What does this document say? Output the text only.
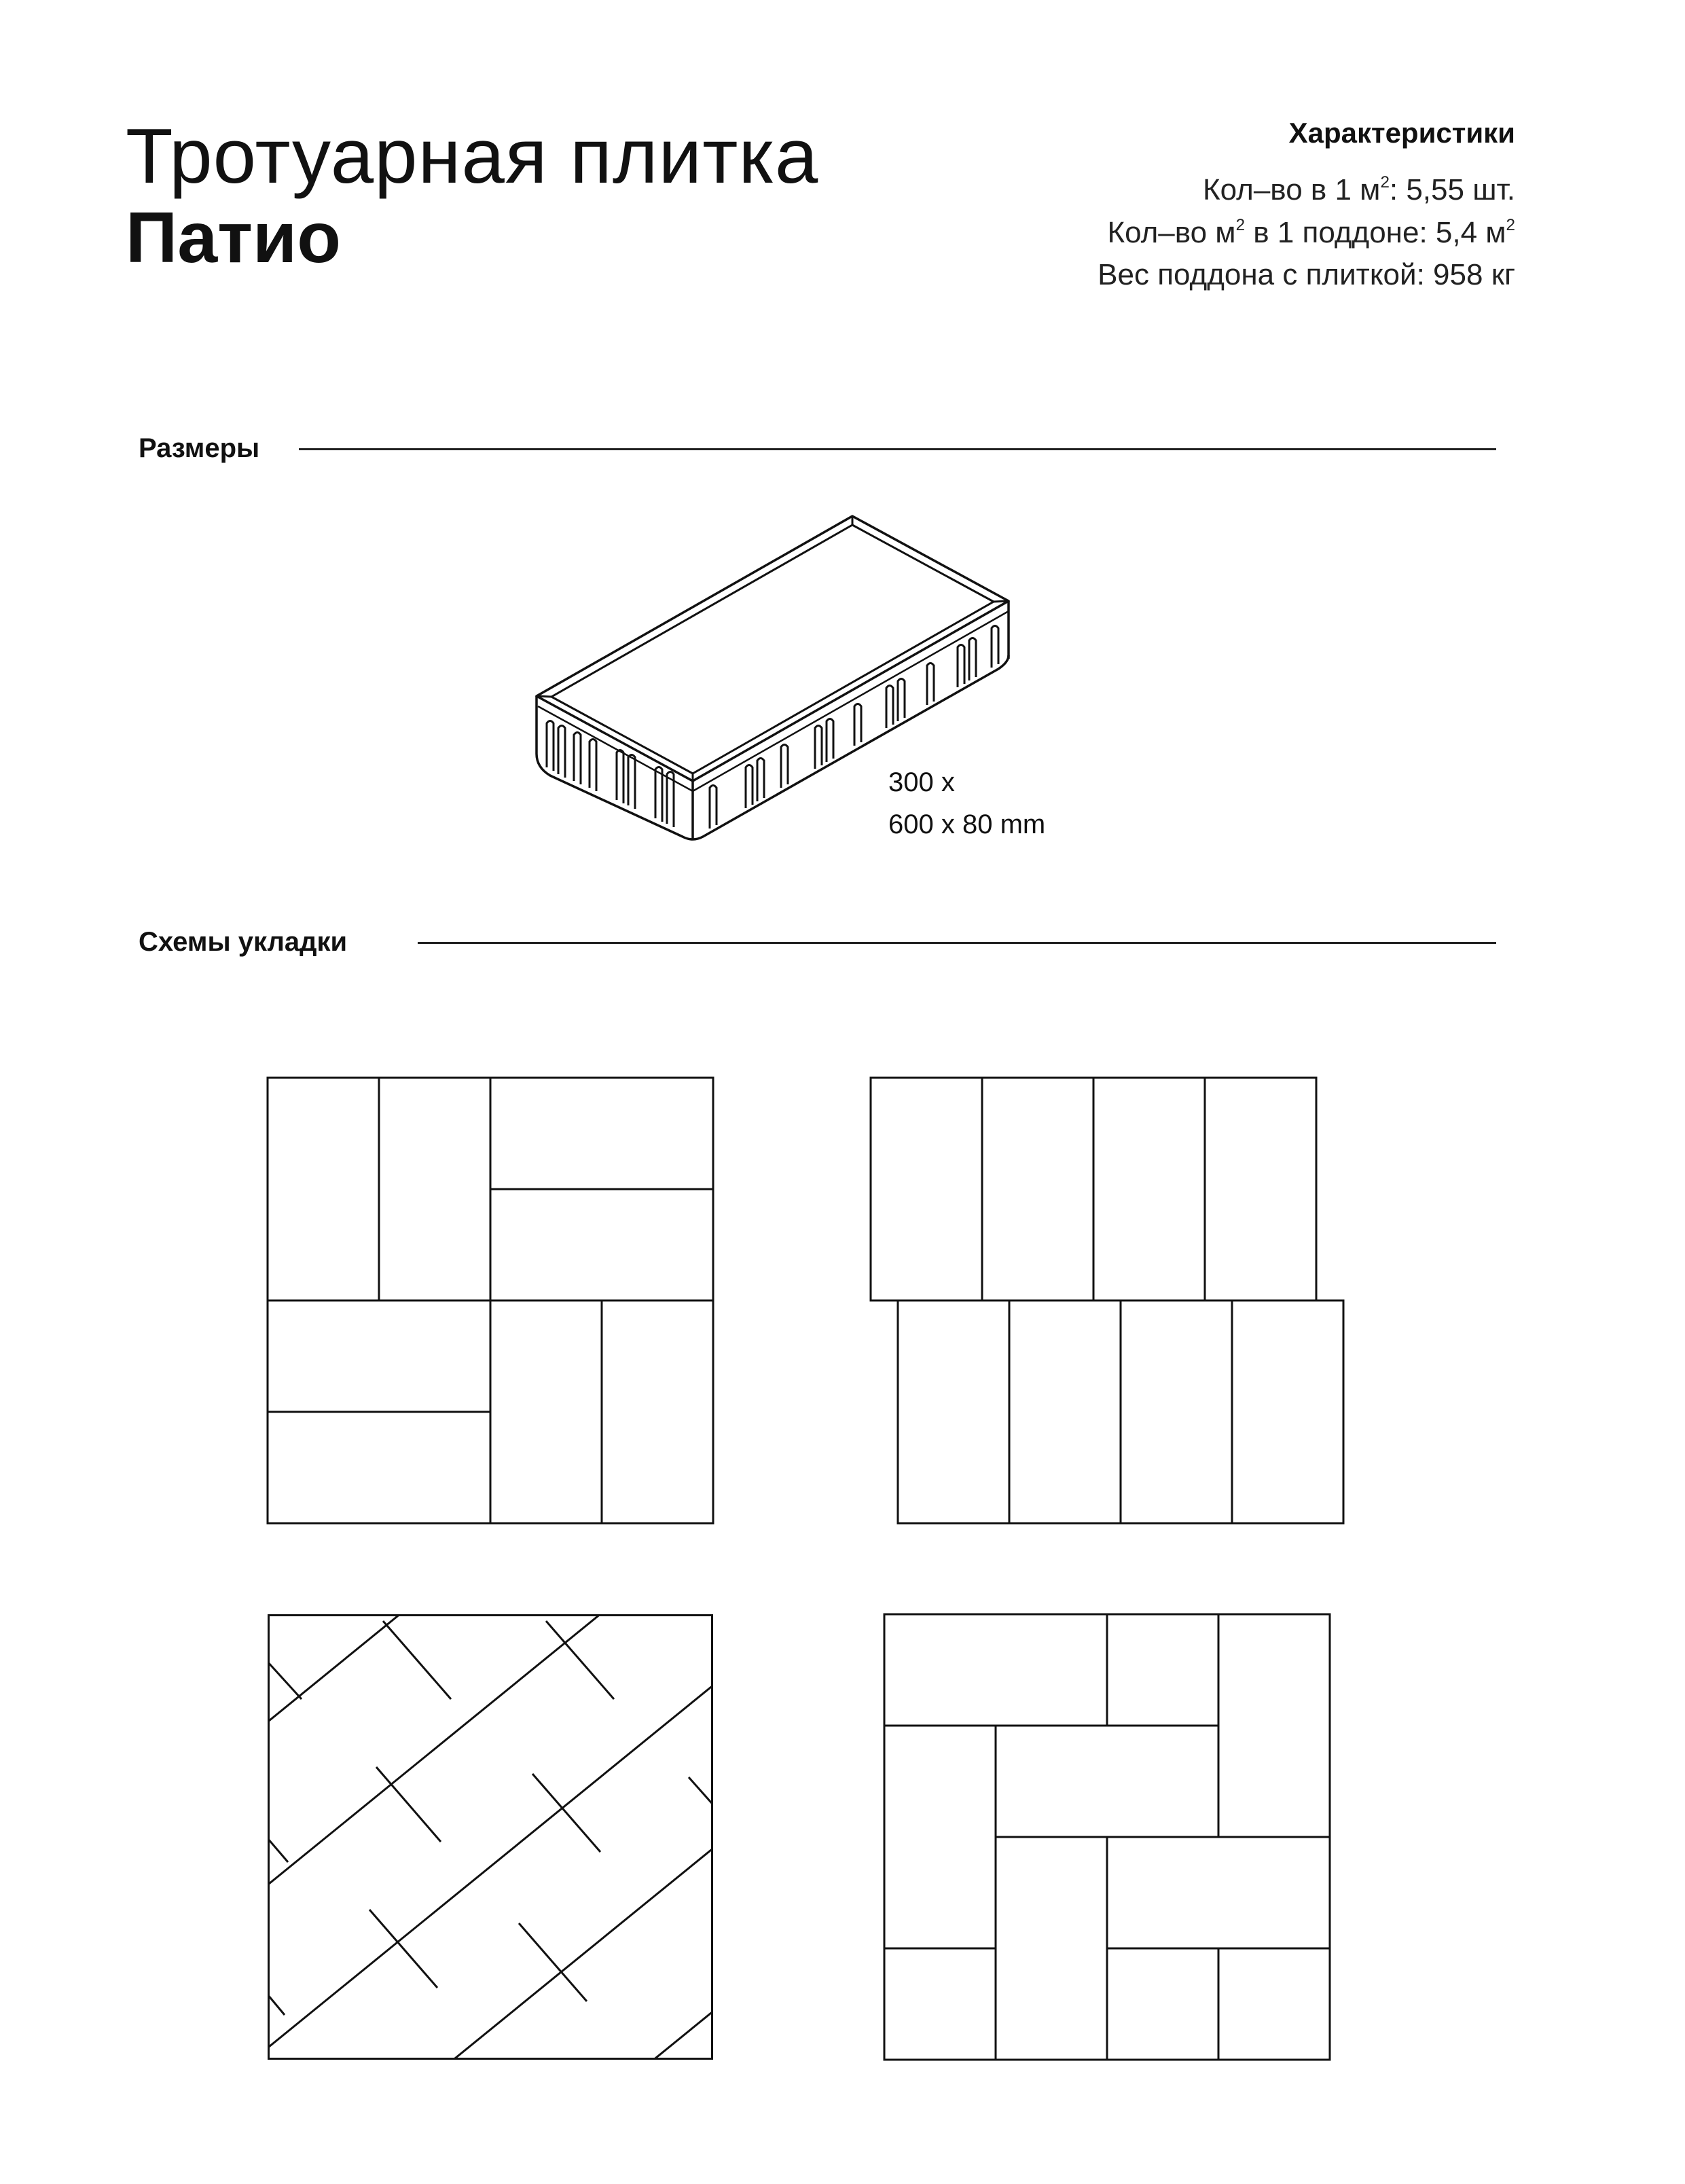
Тротуарная плитка
Патио
Характеристики
Кол–во в 1 $м^2$: 5,55 шт.
Кол–во $м^2$ в 1 поддоне: 5,4 $м^2$
Вес поддона с плиткой: 958 кг
Размеры
300 x
600 x 80 mm
Схемы укладки
